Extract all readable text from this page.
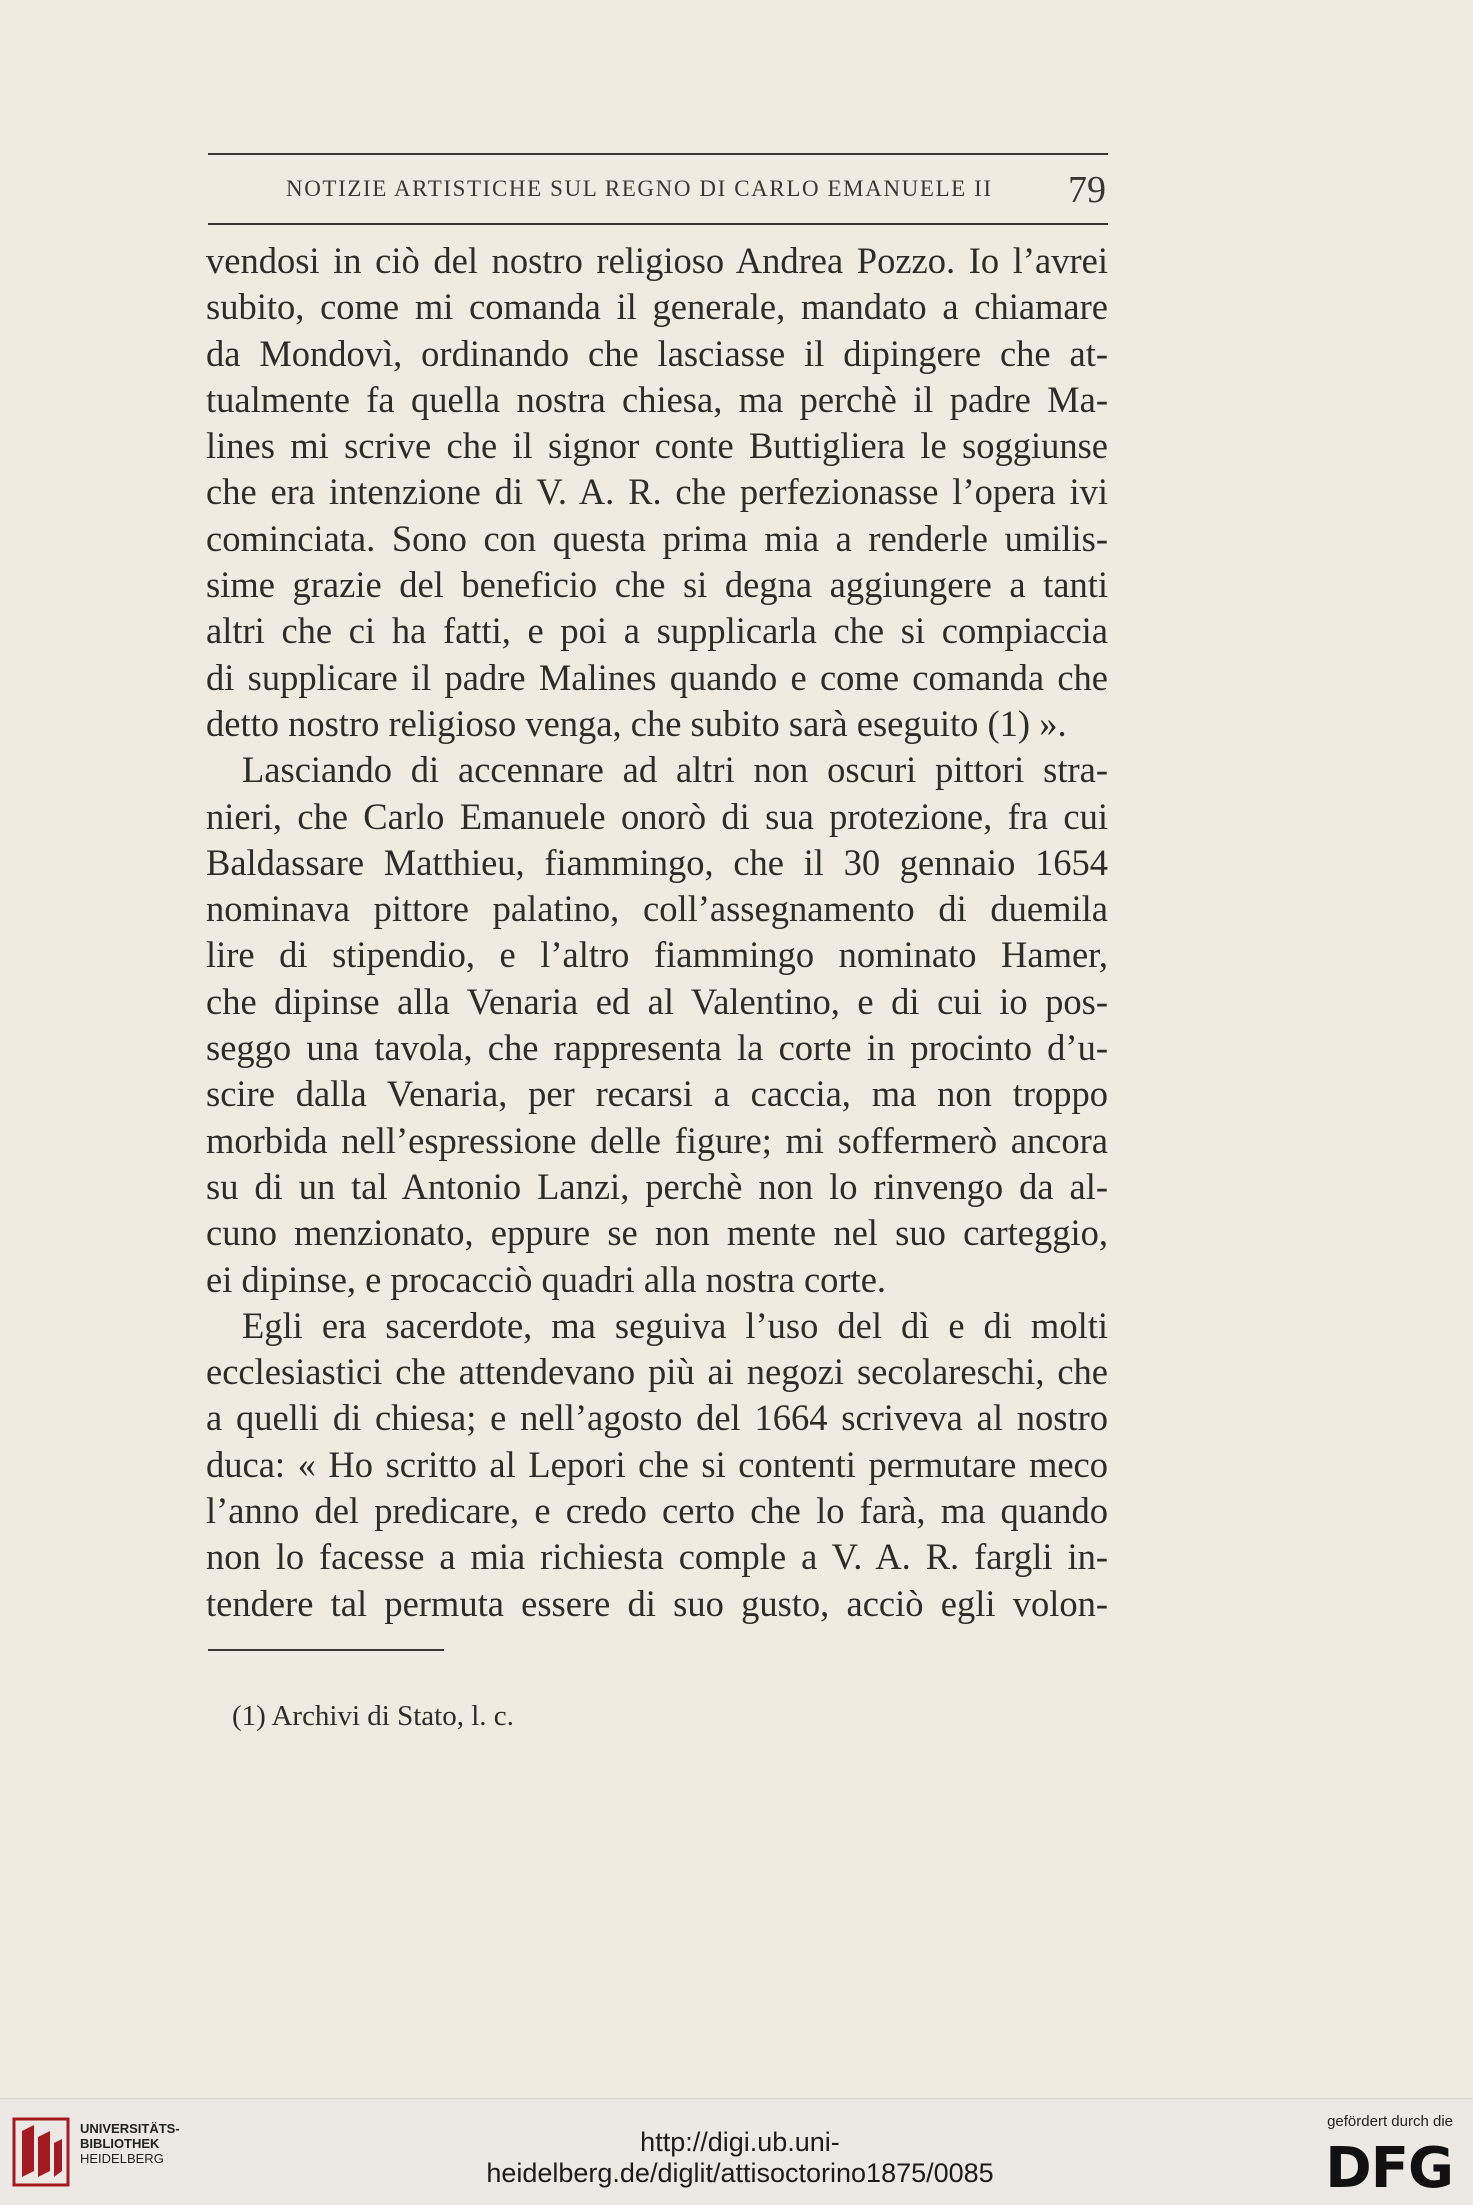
NOTIZIE ARTISTICHE SUL REGNO DI CARLO EMANUELE II 79
vendosi in ciò del nostro religioso Andrea Pozzo. Io l’avrei
subito, come mi comanda il generale, mandato a chiamare
da Mondovì, ordinando che lasciasse il dipingere che at-
tualmente fa quella nostra chiesa, ma perchè il padre Ma-
lines mi scrive che il signor conte Buttigliera le soggiunse
che era intenzione di V. A. R. che perfezionasse l’opera ivi
cominciata. Sono con questa prima mia a renderle umilis-
sime grazie del beneficio che si degna aggiungere a tanti
altri che ci ha fatti, e poi a supplicarla che si compiaccia
di supplicare il padre Malines quando e come comanda che
detto nostro religioso venga, che subito sarà eseguito (1) ».
Lasciando di accennare ad altri non oscuri pittori stra-
nieri, che Carlo Emanuele onorò di sua protezione, fra cui
Baldassare Matthieu, fiammingo, che il 30 gennaio 1654
nominava pittore palatino, coll’assegnamento di duemila
lire di stipendio, e l’altro fiammingo nominato Hamer,
che dipinse alla Venaria ed al Valentino, e di cui io pos-
seggo una tavola, che rappresenta la corte in procinto d’u-
scire dalla Venaria, per recarsi a caccia, ma non troppo
morbida nell’espressione delle figure; mi soffermerò ancora
su di un tal Antonio Lanzi, perchè non lo rinvengo da al-
cuno menzionato, eppure se non mente nel suo carteggio,
ei dipinse, e procacciò quadri alla nostra corte.
Egli era sacerdote, ma seguiva l’uso del dì e di molti
ecclesiastici che attendevano più ai negozi secolareschi, che
a quelli di chiesa; e nell’agosto del 1664 scriveva al nostro
duca: « Ho scritto al Lepori che si contenti permutare meco
l’anno del predicare, e credo certo che lo farà, ma quando
non lo facesse a mia richiesta comple a V. A. R. fargli in-
tendere tal permuta essere di suo gusto, acciò egli volon-
(1) Archivi di Stato, l. c.
UNIVERSITÄTS-
BIBLIOTHEK
HEIDELBERG
http://digi.ub.uni-heidelberg.de/diglit/attisoctorino1875/0085
gefördert durch die
DFG
